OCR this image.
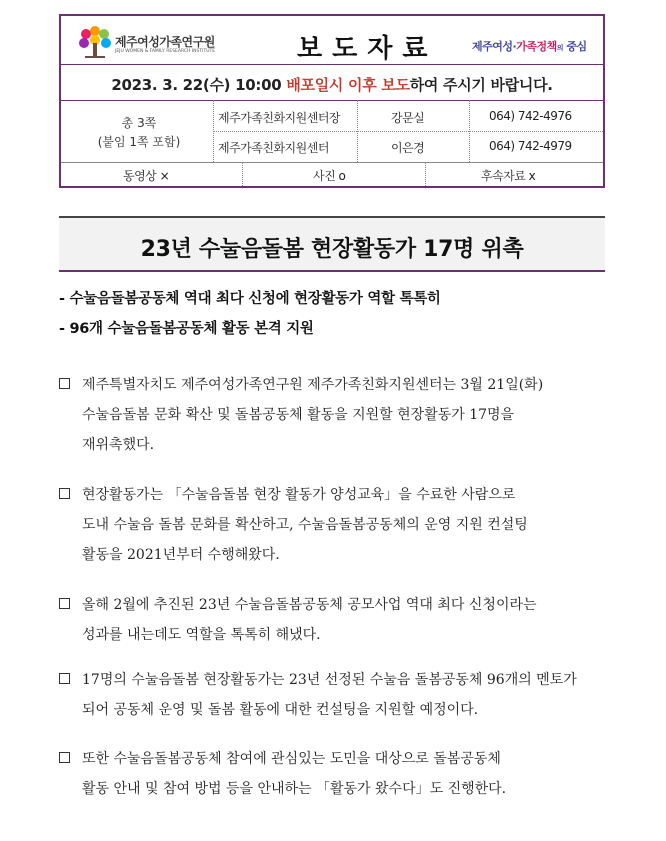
제주여성가족연구원
JEJU WOMEN & FAMILY RESEARCH INSTITUTE	보도자료	제주여성·가족정책의 중심
2023. 3. 22(수) 10:00 배포일시 이후 보도하여 주시기 바랍니다.
총 3쪽
(붙임 1쪽 포함)
제주가족친화지원센터장	강문실	064) 742-4976
제주가족친화지원센터	이은경	064) 742-4979
동영상 ×	사진 o	후속자료 x
23년 수눌음돌봄 현장활동가 17명 위촉
- 수눌음돌봄공동체 역대 최다 신청에 현장활동가 역할 톡톡히
- 96개 수눌음돌봄공동체 활동 본격 지원
제주특별자치도 제주여성가족연구원 제주가족친화지원센터는 3월 21일(화)
수눌음돌봄 문화 확산 및 돌봄공동체 활동을 지원할 현장활동가 17명을
재위촉했다.
현장활동가는 「수눌음돌봄 현장 활동가 양성교육」을 수료한 사람으로
도내 수눌음 돌봄 문화를 확산하고, 수눌음돌봄공동체의 운영 지원 컨설팅
활동을 2021년부터 수행해왔다.
올해 2월에 추진된 23년 수눌음돌봄공동체 공모사업 역대 최다 신청이라는
성과를 내는데도 역할을 톡톡히 해냈다.
17명의 수눌음돌봄 현장활동가는 23년 선정된 수눌음 돌봄공동체 96개의 멘토가
되어 공동체 운영 및 돌봄 활동에 대한 컨설팅을 지원할 예정이다.
또한 수눌음돌봄공동체 참여에 관심있는 도민을 대상으로 돌봄공동체
활동 안내 및 참여 방법 등을 안내하는 「활동가 왔수다」도 진행한다.
